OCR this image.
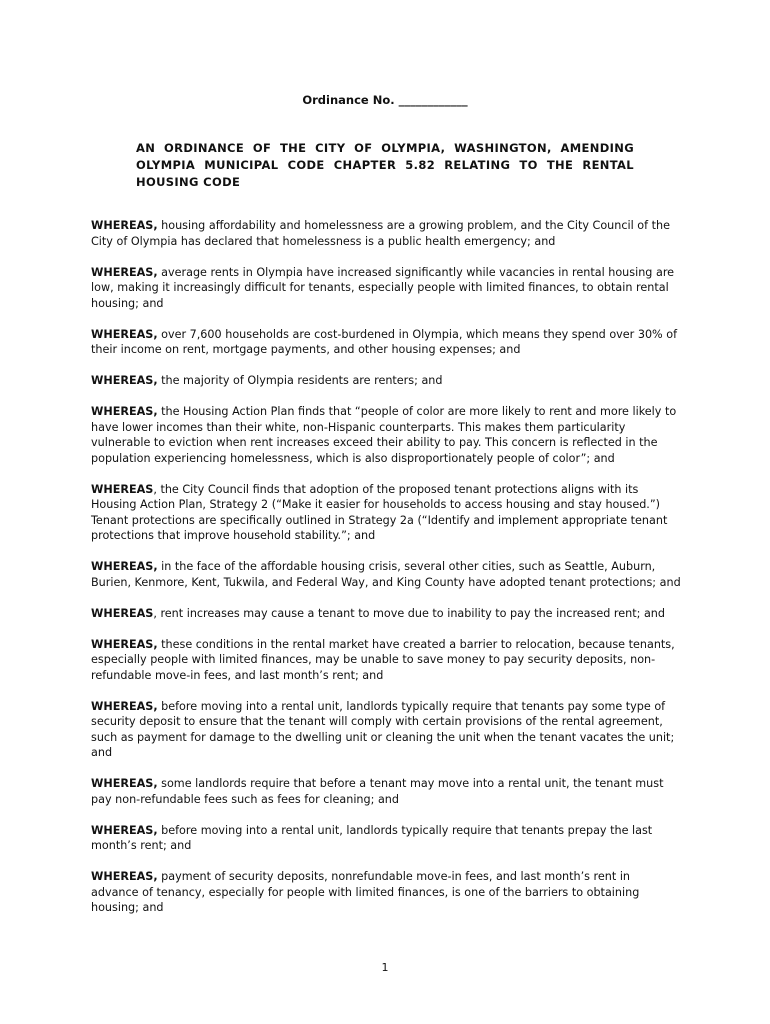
Ordinance No. ____________
AN ORDINANCE OF THE CITY OF OLYMPIA, WASHINGTON, AMENDING OLYMPIA MUNICIPAL CODE CHAPTER 5.82 RELATING TO THE RENTAL HOUSING CODE

WHEREAS, housing affordability and homelessness are a growing problem, and the City Council of the City of Olympia has declared that homelessness is a public health emergency; and

WHEREAS, average rents in Olympia have increased significantly while vacancies in rental housing are low, making it increasingly difficult for tenants, especially people with limited finances, to obtain rental housing; and

WHEREAS, over 7,600 households are cost-burdened in Olympia, which means they spend over 30% of their income on rent, mortgage payments, and other housing expenses; and

WHEREAS, the majority of Olympia residents are renters; and

WHEREAS, the Housing Action Plan finds that “people of color are more likely to rent and more likely to have lower incomes than their white, non-Hispanic counterparts. This makes them particularity vulnerable to eviction when rent increases exceed their ability to pay. This concern is reflected in the population experiencing homelessness, which is also disproportionately people of color”; and

WHEREAS, the City Council finds that adoption of the proposed tenant protections aligns with its Housing Action Plan, Strategy 2 (“Make it easier for households to access housing and stay housed.”) Tenant protections are specifically outlined in Strategy 2a (“Identify and implement appropriate tenant protections that improve household stability.”; and

WHEREAS, in the face of the affordable housing crisis, several other cities, such as Seattle, Auburn, Burien, Kenmore, Kent, Tukwila, and Federal Way, and King County have adopted tenant protections; and

WHEREAS, rent increases may cause a tenant to move due to inability to pay the increased rent; and

WHEREAS, these conditions in the rental market have created a barrier to relocation, because tenants, especially people with limited finances, may be unable to save money to pay security deposits, non-refundable move-in fees, and last month’s rent; and

WHEREAS, before moving into a rental unit, landlords typically require that tenants pay some type of security deposit to ensure that the tenant will comply with certain provisions of the rental agreement, such as payment for damage to the dwelling unit or cleaning the unit when the tenant vacates the unit; and

WHEREAS, some landlords require that before a tenant may move into a rental unit, the tenant must pay non-refundable fees such as fees for cleaning; and

WHEREAS, before moving into a rental unit, landlords typically require that tenants prepay the last month’s rent; and

WHEREAS, payment of security deposits, nonrefundable move-in fees, and last month’s rent in advance of tenancy, especially for people with limited finances, is one of the barriers to obtaining housing; and

1
